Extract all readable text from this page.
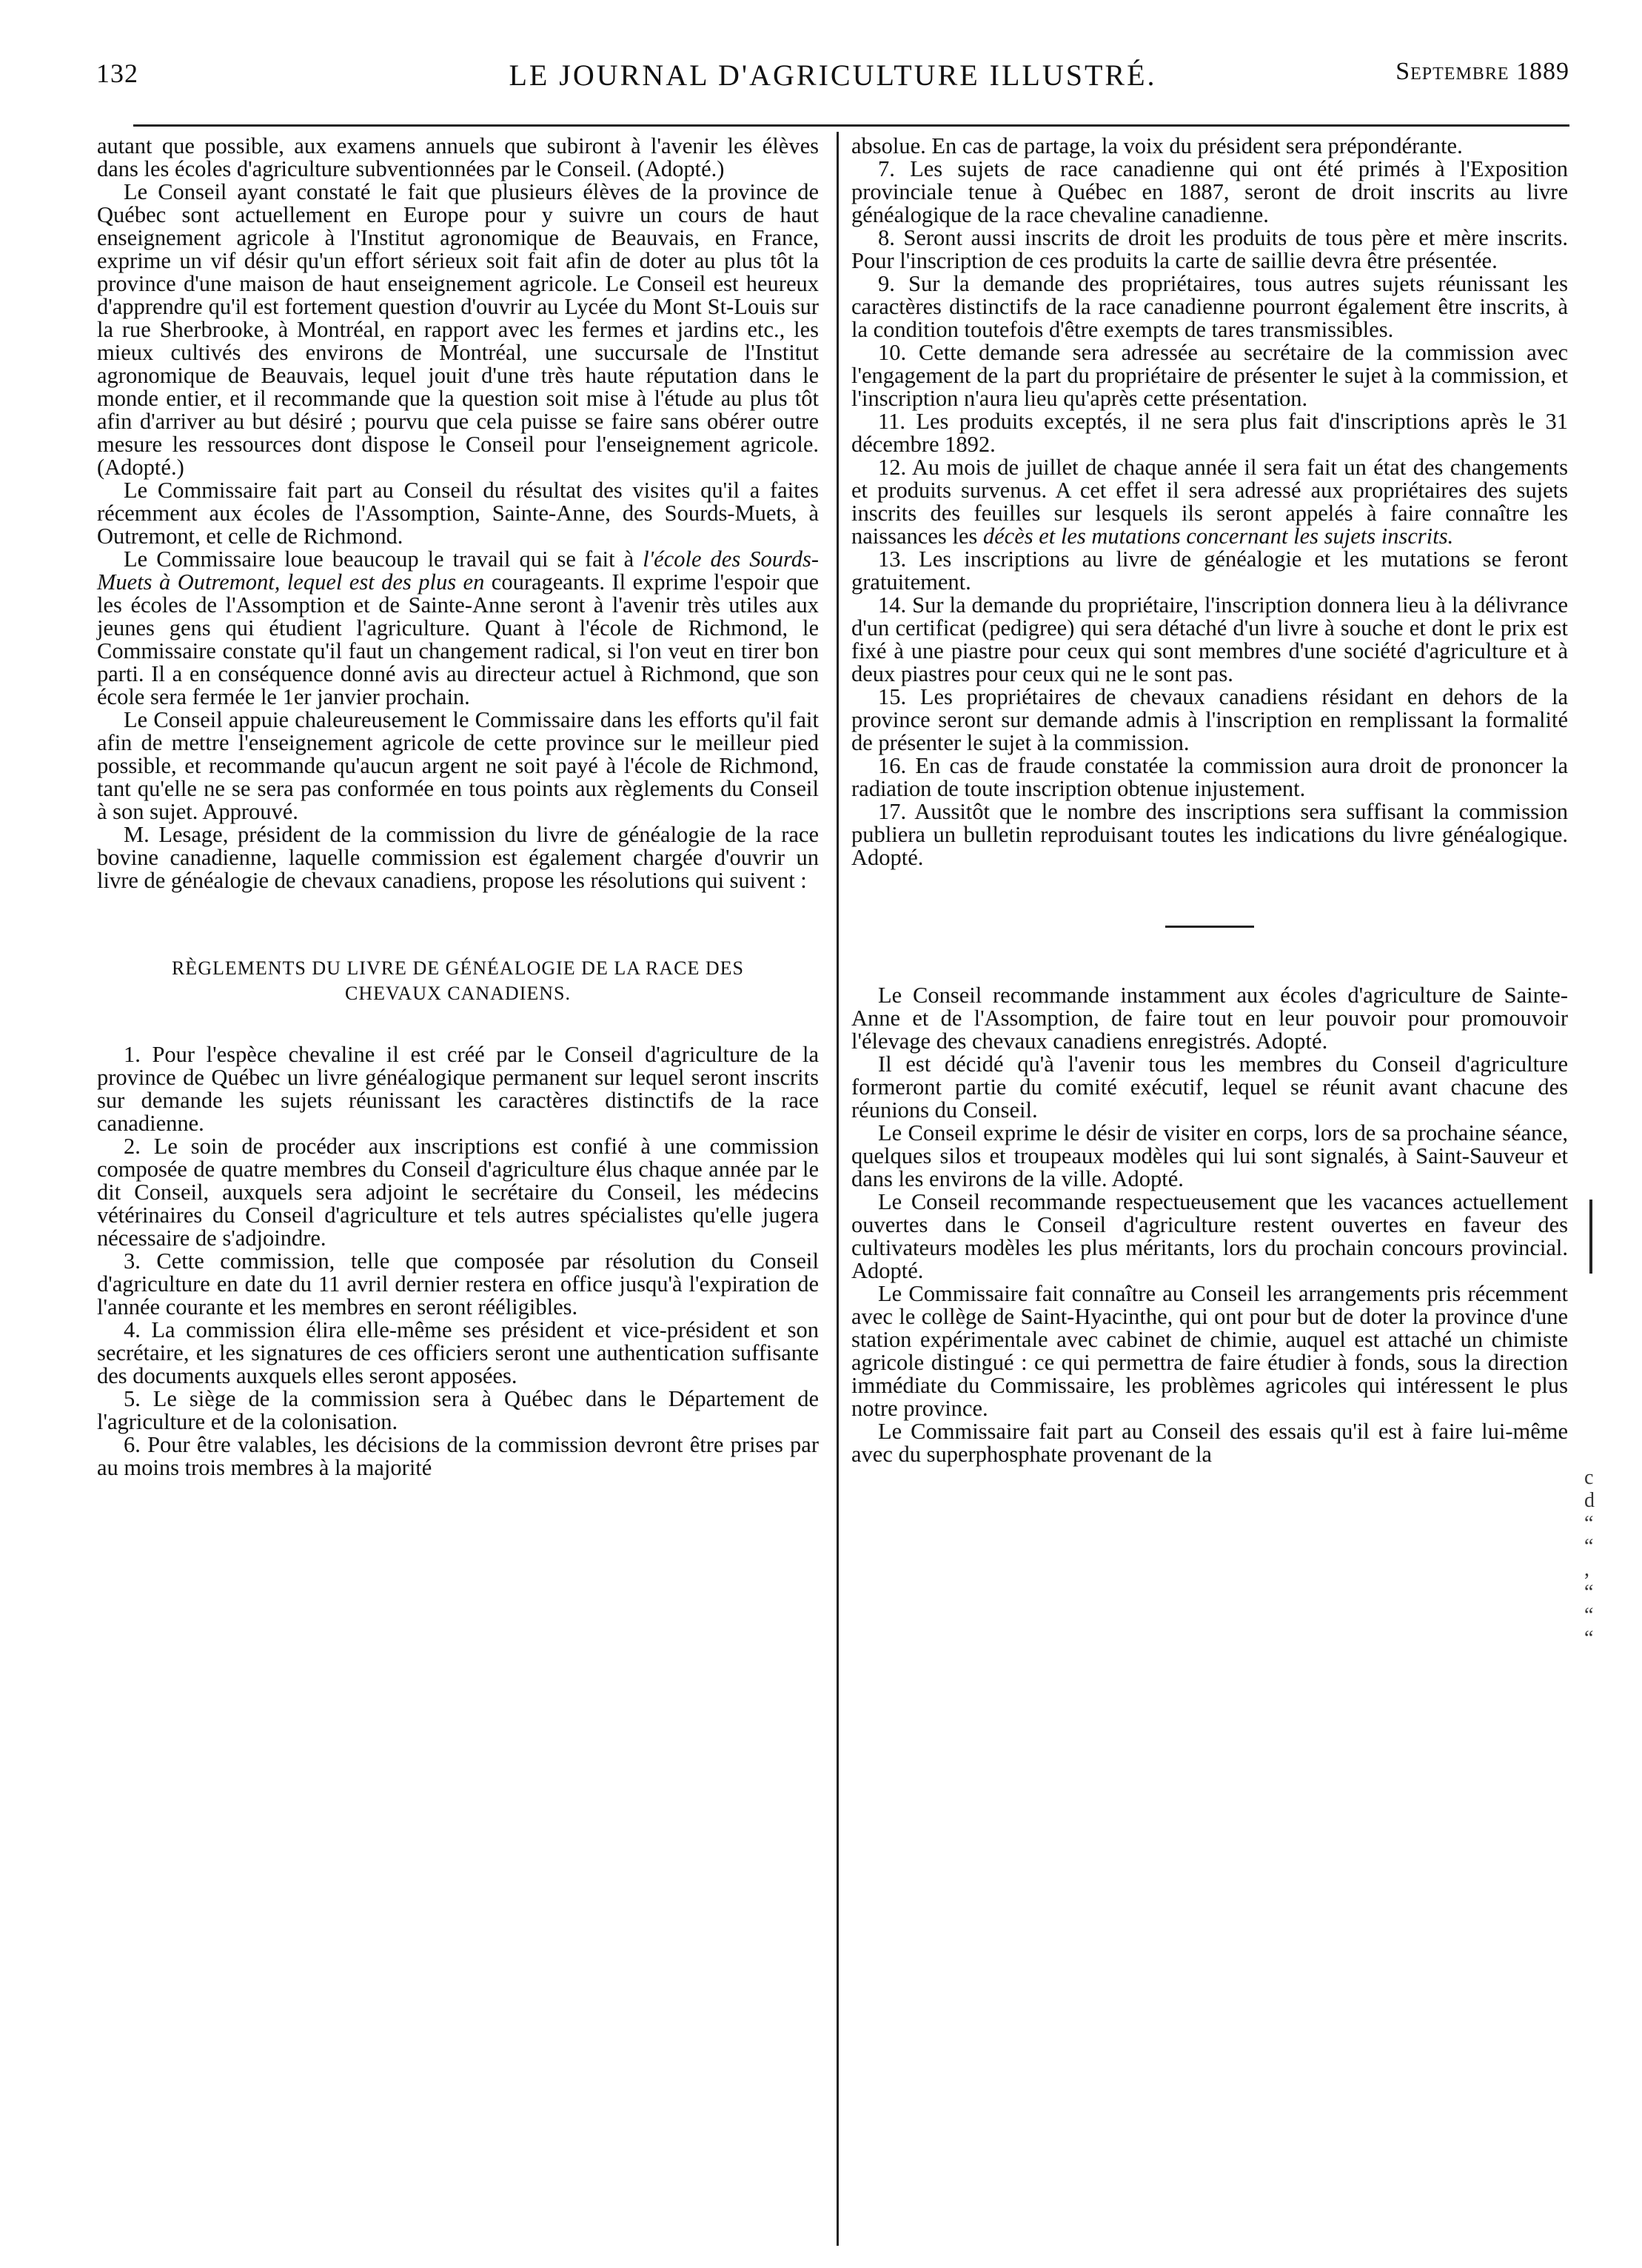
132	LE JOURNAL D'AGRICULTURE ILLUSTRÉ.	Septembre 1889

autant que possible, aux examens annuels que subiront à l'avenir les élèves dans les écoles d'agriculture subventionnées par le Conseil. (Adopté.)

Le Conseil ayant constaté le fait que plusieurs élèves de la province de Québec sont actuellement en Europe pour y suivre un cours de haut enseignement agricole à l'Institut agronomique de Beauvais, en France, exprime un vif désir qu'un effort sérieux soit fait afin de doter au plus tôt la province d'une maison de haut enseignement agricole. Le Conseil est heureux d'apprendre qu'il est fortement question d'ouvrir au Lycée du Mont St-Louis sur la rue Sherbrooke, à Montréal, en rapport avec les fermes et jardins etc., les mieux cultivés des environs de Montréal, une succursale de l'Institut agronomique de Beauvais, lequel jouit d'une très haute réputation dans le monde entier, et il recommande que la question soit mise à l'étude au plus tôt afin d'arriver au but désiré ; pourvu que cela puisse se faire sans obérer outre mesure les ressources dont dispose le Conseil pour l'enseignement agricole. (Adopté.)

Le Commissaire fait part au Conseil du résultat des visites qu'il a faites récemment aux écoles de l'Assomption, Sainte-Anne, des Sourds-Muets, à Outremont, et celle de Richmond.

Le Commissaire loue beaucoup le travail qui se fait à l'école des Sourds-Muets à Outremont, lequel est des plus en courageants. Il exprime l'espoir que les écoles de l'Assomption et de Sainte-Anne seront à l'avenir très utiles aux jeunes gens qui étudient l'agriculture. Quant à l'école de Richmond, le Commissaire constate qu'il faut un changement radical, si l'on veut en tirer bon parti. Il a en conséquence donné avis au directeur actuel à Richmond, que son école sera fermée le 1er janvier prochain.

Le Conseil appuie chaleureusement le Commissaire dans les efforts qu'il fait afin de mettre l'enseignement agricole de cette province sur le meilleur pied possible, et recommande qu'aucun argent ne soit payé à l'école de Richmond, tant qu'elle ne se sera pas conformée en tous points aux règlements du Conseil à son sujet. Approuvé.

M. Lesage, président de la commission du livre de généalogie de la race bovine canadienne, laquelle commission est également chargée d'ouvrir un livre de généalogie de chevaux canadiens, propose les résolutions qui suivent :

RÈGLEMENTS DU LIVRE DE GÉNÉALOGIE DE LA RACE DES CHEVAUX CANADIENS.

1. Pour l'espèce chevaline il est créé par le Conseil d'agriculture de la province de Québec un livre généalogique permanent sur lequel seront inscrits sur demande les sujets réunissant les caractères distinctifs de la race canadienne.

2. Le soin de procéder aux inscriptions est confié à une commission composée de quatre membres du Conseil d'agriculture élus chaque année par le dit Conseil, auxquels sera adjoint le secrétaire du Conseil, les médecins vétérinaires du Conseil d'agriculture et tels autres spécialistes qu'elle jugera nécessaire de s'adjoindre.

3. Cette commission, telle que composée par résolution du Conseil d'agriculture en date du 11 avril dernier restera en office jusqu'à l'expiration de l'année courante et les membres en seront rééligibles.

4. La commission élira elle-même ses président et vice-président et son secrétaire, et les signatures de ces officiers seront une authentication suffisante des documents auxquels elles seront apposées.

5. Le siège de la commission sera à Québec dans le Département de l'agriculture et de la colonisation.

6. Pour être valables, les décisions de la commission devront être prises par au moins trois membres à la majorité

absolue. En cas de partage, la voix du président sera prépondérante.

7. Les sujets de race canadienne qui ont été primés à l'Exposition provinciale tenue à Québec en 1887, seront de droit inscrits au livre généalogique de la race chevaline canadienne.

8. Seront aussi inscrits de droit les produits de tous père et mère inscrits. Pour l'inscription de ces produits la carte de saillie devra être présentée.

9. Sur la demande des propriétaires, tous autres sujets réunissant les caractères distinctifs de la race canadienne pourront également être inscrits, à la condition toutefois d'être exempts de tares transmissibles.

10. Cette demande sera adressée au secrétaire de la commission avec l'engagement de la part du propriétaire de présenter le sujet à la commission, et l'inscription n'aura lieu qu'après cette présentation.

11. Les produits exceptés, il ne sera plus fait d'inscriptions après le 31 décembre 1892.

12. Au mois de juillet de chaque année il sera fait un état des changements et produits survenus. A cet effet il sera adressé aux propriétaires des sujets inscrits des feuilles sur lesquels ils seront appelés à faire connaître les naissances les décès et les mutations concernant les sujets inscrits.

13. Les inscriptions au livre de généalogie et les mutations se feront gratuitement.

14. Sur la demande du propriétaire, l'inscription donnera lieu à la délivrance d'un certificat (pedigree) qui sera détaché d'un livre à souche et dont le prix est fixé à une piastre pour ceux qui sont membres d'une société d'agriculture et à deux piastres pour ceux qui ne le sont pas.

15. Les propriétaires de chevaux canadiens résidant en dehors de la province seront sur demande admis à l'inscription en remplissant la formalité de présenter le sujet à la commission.

16. En cas de fraude constatée la commission aura droit de prononcer la radiation de toute inscription obtenue injustement.

17. Aussitôt que le nombre des inscriptions sera suffisant la commission publiera un bulletin reproduisant toutes les indications du livre généalogique. Adopté.

Le Conseil recommande instamment aux écoles d'agriculture de Sainte-Anne et de l'Assomption, de faire tout en leur pouvoir pour promouvoir l'élevage des chevaux canadiens enregistrés. Adopté.

Il est décidé qu'à l'avenir tous les membres du Conseil d'agriculture formeront partie du comité exécutif, lequel se réunit avant chacune des réunions du Conseil.

Le Conseil exprime le désir de visiter en corps, lors de sa prochaine séance, quelques silos et troupeaux modèles qui lui sont signalés, à Saint-Sauveur et dans les environs de la ville. Adopté.

Le Conseil recommande respectueusement que les vacances actuellement ouvertes dans le Conseil d'agriculture restent ouvertes en faveur des cultivateurs modèles les plus méritants, lors du prochain concours provincial. Adopté.

Le Commissaire fait connaître au Conseil les arrangements pris récemment avec le collège de Saint-Hyacinthe, qui ont pour but de doter la province d'une station expérimentale avec cabinet de chimie, auquel est attaché un chimiste agricole distingué : ce qui permettra de faire étudier à fonds, sous la direction immédiate du Commissaire, les problèmes agricoles qui intéressent le plus notre province.

Le Commissaire fait part au Conseil des essais qu'il est à faire lui-même avec du superphosphate provenant de la

c
d
“
“
,
“
“
“
